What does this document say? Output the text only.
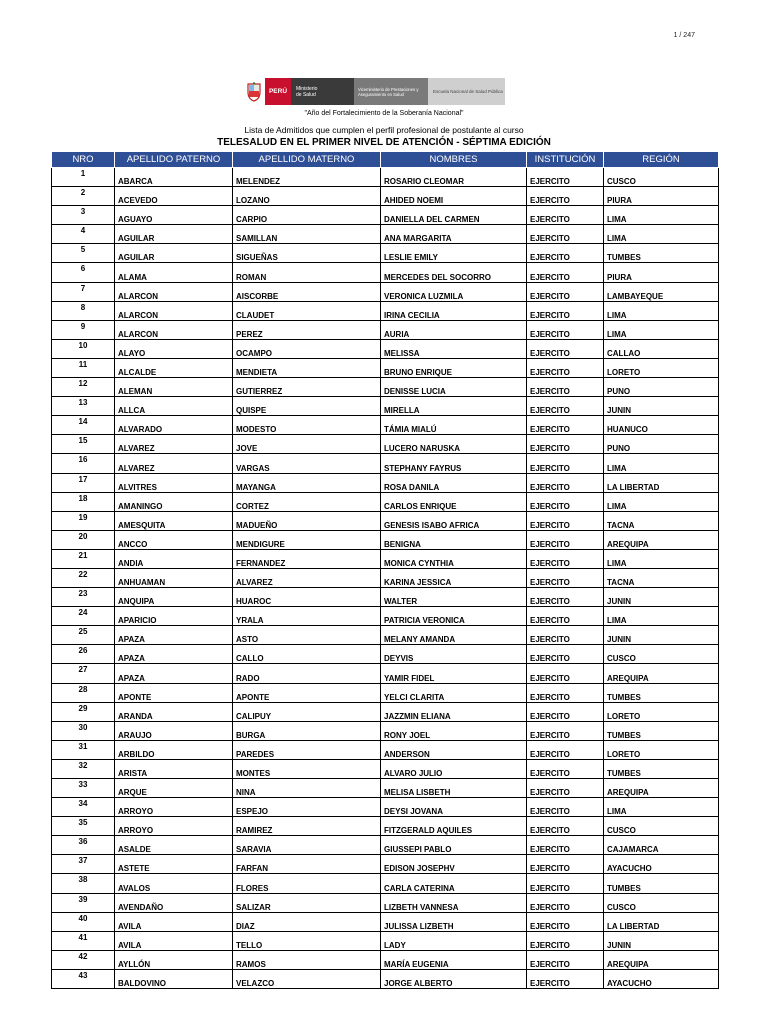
1 / 247
PERÚ	Ministerio
de Salud
Viceministerio de Prestaciones y Aseguramiento en Salud
Escuela Nacional de Salud Pública
"Año del Fortalecimiento de la Soberanía Nacional"
Lista de Admitidos que cumplen el perfil profesional de postulante al curso
TELESALUD EN EL PRIMER NIVEL DE ATENCIÓN - SÉPTIMA EDICIÓN
NRO	APELLIDO PATERNO	APELLIDO MATERNO	NOMBRES	INSTITUCIÓN	REGIÓN
1	ABARCA	MELENDEZ	ROSARIO CLEOMAR	EJERCITO	CUSCO
2	ACEVEDO	LOZANO	AHIDED NOEMI	EJERCITO	PIURA
3	AGUAYO	CARPIO	DANIELLA DEL CARMEN	EJERCITO	LIMA
4	AGUILAR	SAMILLAN	ANA MARGARITA	EJERCITO	LIMA
5	AGUILAR	SIGUEÑAS	LESLIE EMILY	EJERCITO	TUMBES
6	ALAMA	ROMAN	MERCEDES DEL SOCORRO	EJERCITO	PIURA
7	ALARCON	AISCORBE	VERONICA LUZMILA	EJERCITO	LAMBAYEQUE
8	ALARCON	CLAUDET	IRINA CECILIA	EJERCITO	LIMA
9	ALARCON	PEREZ	AURIA	EJERCITO	LIMA
10	ALAYO	OCAMPO	MELISSA	EJERCITO	CALLAO
11	ALCALDE	MENDIETA	BRUNO ENRIQUE	EJERCITO	LORETO
12	ALEMAN	GUTIERREZ	DENISSE LUCIA	EJERCITO	PUNO
13	ALLCA	QUISPE	MIRELLA	EJERCITO	JUNIN
14	ALVARADO	MODESTO	TÁMIA MIALÚ	EJERCITO	HUANUCO
15	ALVAREZ	JOVE	LUCERO NARUSKA	EJERCITO	PUNO
16	ALVAREZ	VARGAS	STEPHANY FAYRUS	EJERCITO	LIMA
17	ALVITRES	MAYANGA	ROSA DANILA	EJERCITO	LA LIBERTAD
18	AMANINGO	CORTEZ	CARLOS ENRIQUE	EJERCITO	LIMA
19	AMESQUITA	MADUEÑO	GENESIS ISABO AFRICA	EJERCITO	TACNA
20	ANCCO	MENDIGURE	BENIGNA	EJERCITO	AREQUIPA
21	ANDIA	FERNANDEZ	MONICA CYNTHIA	EJERCITO	LIMA
22	ANHUAMAN	ALVAREZ	KARINA JESSICA	EJERCITO	TACNA
23	ANQUIPA	HUAROC	WALTER	EJERCITO	JUNIN
24	APARICIO	YRALA	PATRICIA VERONICA	EJERCITO	LIMA
25	APAZA	ASTO	MELANY AMANDA	EJERCITO	JUNIN
26	APAZA	CALLO	DEYVIS	EJERCITO	CUSCO
27	APAZA	RADO	YAMIR FIDEL	EJERCITO	AREQUIPA
28	APONTE	APONTE	YELCI CLARITA	EJERCITO	TUMBES
29	ARANDA	CALIPUY	JAZZMIN ELIANA	EJERCITO	LORETO
30	ARAUJO	BURGA	RONY JOEL	EJERCITO	TUMBES
31	ARBILDO	PAREDES	ANDERSON	EJERCITO	LORETO
32	ARISTA	MONTES	ALVARO JULIO	EJERCITO	TUMBES
33	ARQUE	NINA	MELISA LISBETH	EJERCITO	AREQUIPA
34	ARROYO	ESPEJO	DEYSI JOVANA	EJERCITO	LIMA
35	ARROYO	RAMIREZ	FITZGERALD AQUILES	EJERCITO	CUSCO
36	ASALDE	SARAVIA	GIUSSEPI PABLO	EJERCITO	CAJAMARCA
37	ASTETE	FARFAN	EDISON JOSEPHV	EJERCITO	AYACUCHO
38	AVALOS	FLORES	CARLA CATERINA	EJERCITO	TUMBES
39	AVENDAÑO	SALIZAR	LIZBETH VANNESA	EJERCITO	CUSCO
40	AVILA	DIAZ	JULISSA LIZBETH	EJERCITO	LA LIBERTAD
41	AVILA	TELLO	LADY	EJERCITO	JUNIN
42	AYLLÓN	RAMOS	MARÍA EUGENIA	EJERCITO	AREQUIPA
43	BALDOVINO	VELAZCO	JORGE ALBERTO	EJERCITO	AYACUCHO
